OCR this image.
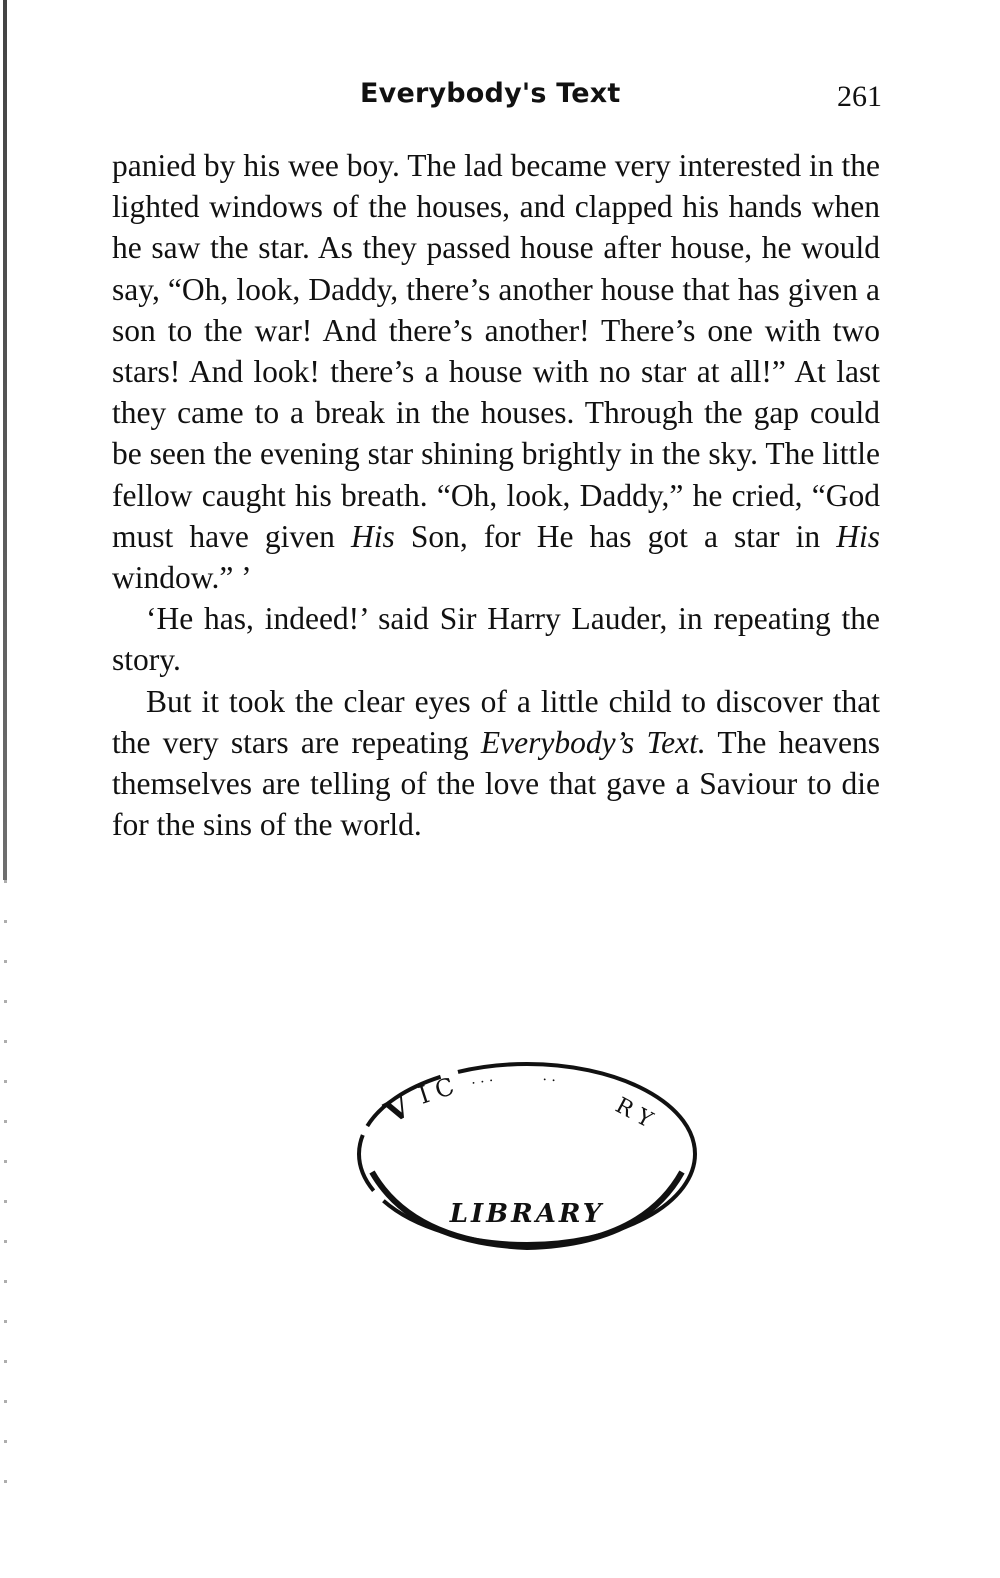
Everybody's Text	261

panied by his wee boy. The lad became very interested in the lighted windows of the houses, and clapped his hands when he saw the star. As they passed house after house, he would say, “Oh, look, Daddy, there’s another house that has given a son to the war! And there’s another! There’s one with two stars! And look! there’s a house with no star at all!” At last they came to a break in the houses. Through the gap could be seen the evening star shining brightly in the sky. The little fellow caught his breath. “Oh, look, Daddy,” he cried, “God must have given His Son, for He has got a star in His window.” ’

‘He has, indeed!’ said Sir Harry Lauder, in repeating the story.

But it took the clear eyes of a little child to discover that the very stars are repeating Everybody’s Text. The heavens themselves are telling of the love that gave a Saviour to die for the sins of the world.

V
I C · · ·	· ·
R Y
LIBRARY
